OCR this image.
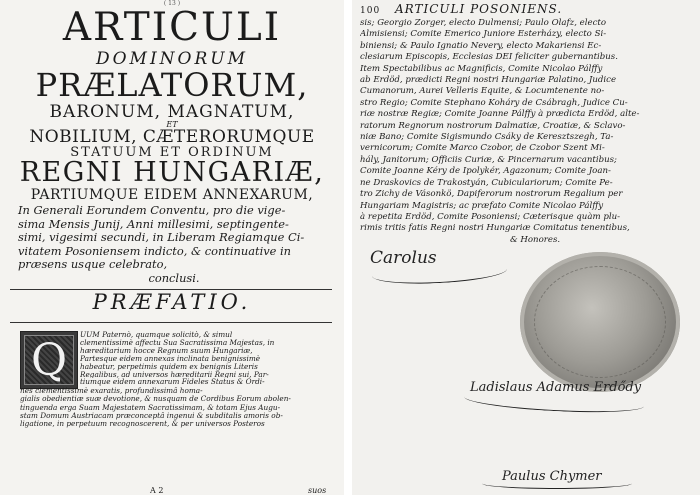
( 13 )
ARTICULI
DOMINORUM
PRÆLATORUM,
BARONUM, MAGNATUM,
ET
NOBILIUM, CÆTERORUMQUE
STATUUM ET ORDINUM
REGNI HUNGARIÆ,
PARTIUMQUE EIDEM ANNEXARUM,
In Generali Eorundem Conventu, pro die vige-
sima Mensis Junij, Anni millesimi, septingente-
simi, vigesimi secundi, in Liberam Regiamque Ci-
vitatem Posoniensem indicto, & continuative in
præsens usque celebrato,
conclusi.
PRÆFATIO.
Q	UUM Paternò, quamque solicitò, & simul
clementissimè affectu Sua Sacratissima Majestas, in
hæreditarium hocce Regnum suum Hungariæ,
Partesque eidem annexas inclinata benignissimè
habeatur, perpetimis quidem ex benignis Literis
Regalibus, ad universos hæreditarii Regni sui, Par-
tiumque eidem annexarum Fideles Status & Ordi-
nes clementissimè exaratis, profundissimâ homa-
gialis obedientiæ suæ devotione, & nusquam de Cordibus Eorum abolen-
tinguenda erga Suam Majestatem Sacratissimam, & totam Ejus Augu-
stam Domum Austriacam præconceptâ ingenui & subditalis amoris ob-
ligatione, in perpetuum recognoscerent, & per universos Posteros
A 2	suos
100 ARTICULI POSONIENS.
sis; Georgio Zorger, electo Dulmensi; Paulo Olafz, electo
Almisiensi; Comite Emerico Juniore Esterházy, electo Si-
biniensi; & Paulo Ignatio Nevery, electo Makariensi Ec-
clesiarum Episcopis, Ecclesias DEI feliciter gubernantibus.
Item Spectabilibus ac Magnificis, Comite Nicolao Pálffy
ab Erdöd, prædicti Regni nostri Hungariæ Palatino, Judice
Cumanorum, Aurei Velleris Equite, & Locumtenente no-
stro Regio; Comite Stephano Koháry de Csábragh, Judice Cu-
riæ nostræ Regiæ; Comite Joanne Pálffy à prædicta Erdöd, alte-
ratorum Regnorum nostrorum Dalmatiæ, Croatiæ, & Sclavo-
niæ Bano; Comite Sigismundo Csáky de Keresztszegh, Ta-
vernicorum; Comite Marco Czobor, de Czobor Szent Mi-
hály, Janitorum; Officiis Curiæ, & Pincernarum vacantibus;
Comite Joanne Kéry de Ipolykér, Agazonum; Comite Joan-
ne Draskovics de Trakostyán, Cubiculariorum; Comite Pe-
tro Zichy de Vásonkö, Dapiferorum nostrorum Regalium per
Hungariam Magistris; ac præfato Comite Nicolao Pálffy
à repetita Erdöd, Comite Posoniensi; Cæterisque quàm plu-
rimis tritis fatis Regni nostri Hungariæ Comitatus tenentibus,
& Honores.
Carolus
Ladislaus Adamus Erdődy
Paulus Chymer
